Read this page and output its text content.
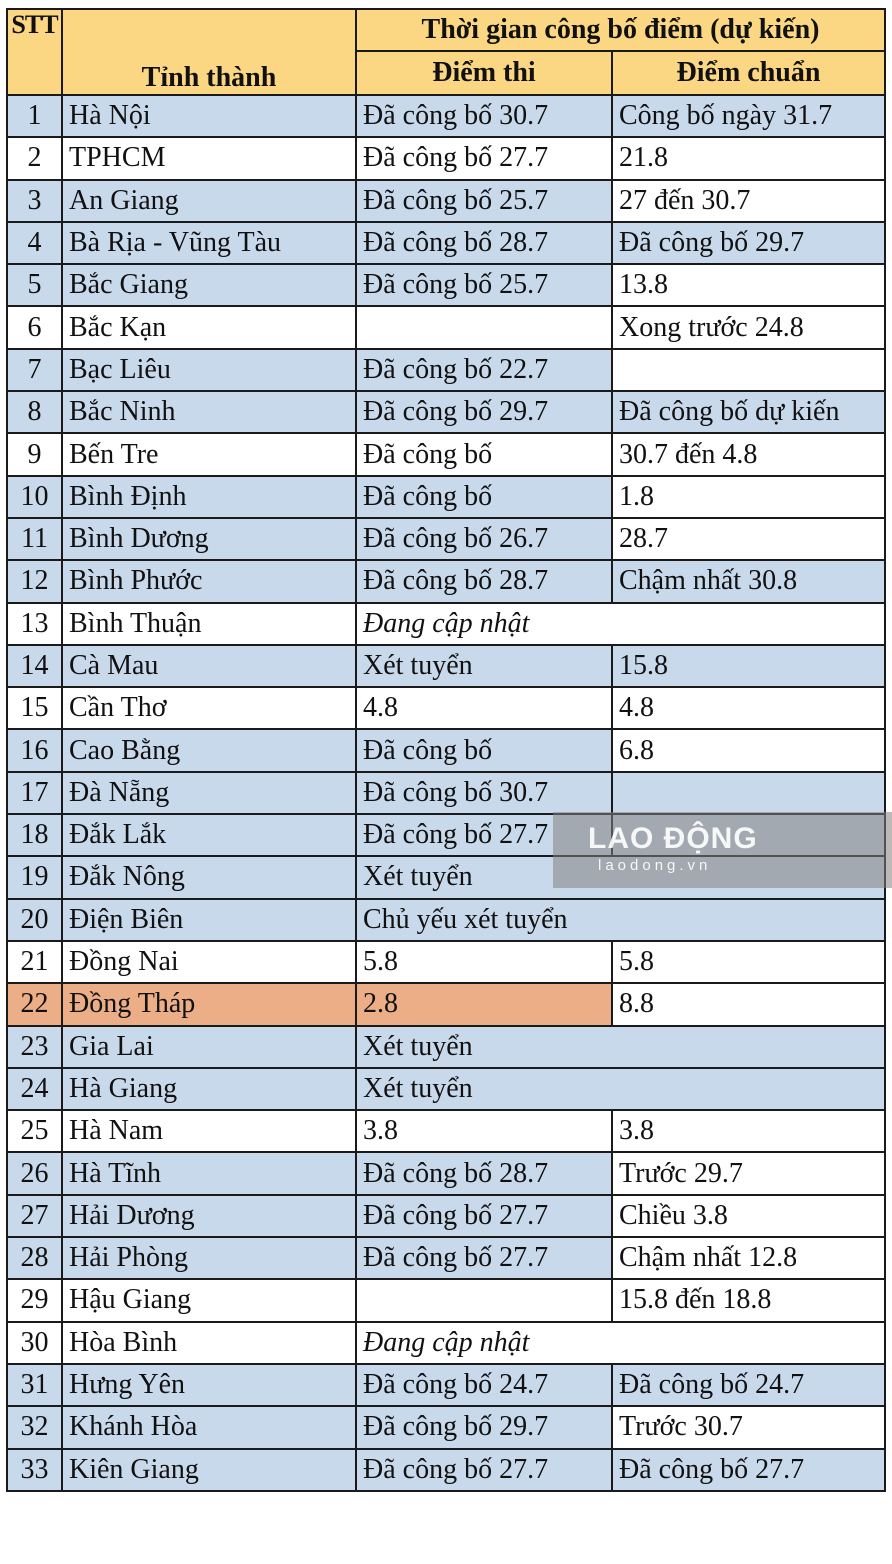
STT	Tỉnh thành	Thời gian công bố điểm (dự kiến)	
		Điểm thi	Điểm chuẩn
1	Hà Nội	Đã công bố 30.7	Công bố ngày 31.7
2	TPHCM	Đã công bố 27.7	21.8
3	An Giang	Đã công bố 25.7	27 đến 30.7
4	Bà Rịa - Vũng Tàu	Đã công bố 28.7	Đã công bố 29.7
5	Bắc Giang	Đã công bố 25.7	13.8
6	Bắc Kạn		Xong trước 24.8
7	Bạc Liêu	Đã công bố 22.7	
8	Bắc Ninh	Đã công bố 29.7	Đã công bố dự kiến
9	Bến Tre	Đã công bố	30.7 đến 4.8
10	Bình Định	Đã công bố	1.8
11	Bình Dương	Đã công bố 26.7	28.7
12	Bình Phước	Đã công bố 28.7	Chậm nhất 30.8
13	Bình Thuận	Đang cập nhật	
14	Cà Mau	Xét tuyển	15.8
15	Cần Thơ	4.8	4.8
16	Cao Bằng	Đã công bố	6.8
17	Đà Nẵng	Đã công bố 30.7	
18	Đắk Lắk	Đã công bố 27.7	
19	Đắk Nông	Xét tuyển	
20	Điện Biên	Chủ yếu xét tuyển	
21	Đồng Nai	5.8	5.8
22	Đồng Tháp	2.8	8.8
23	Gia Lai	Xét tuyển	
24	Hà Giang	Xét tuyển	
25	Hà Nam	3.8	3.8
26	Hà Tĩnh	Đã công bố 28.7	Trước 29.7
27	Hải Dương	Đã công bố 27.7	Chiều 3.8
28	Hải Phòng	Đã công bố 27.7	Chậm nhất 12.8
29	Hậu Giang		15.8 đến 18.8
30	Hòa Bình	Đang cập nhật	
31	Hưng Yên	Đã công bố 24.7	Đã công bố 24.7
32	Khánh Hòa	Đã công bố 29.7	Trước 30.7
33	Kiên Giang	Đã công bố 27.7	Đã công bố 27.7
LAO ĐỘNG
laodong.vn
